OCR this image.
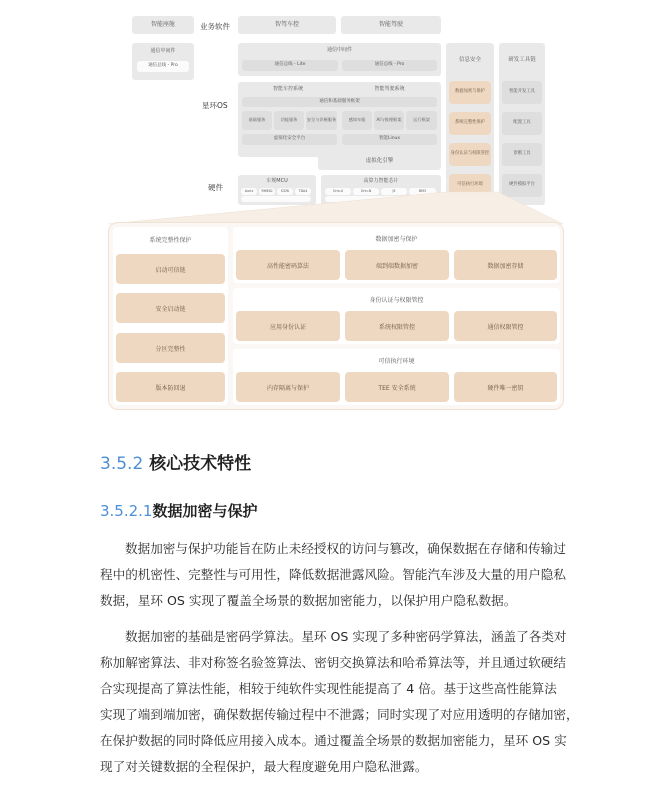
智能座舱
通信中间件
通信总线 - Pro
业务软件
星环OS
硬件
智驾车控	智能驾驶
通信中间件
通信总线 - Lite	通信总线 - Pro
智能车控系统	智能驾驶系统
通信和基础服务框架
基础服务	功能服务	安全与诊断服务	感知车服	AI与推理框架	运行框架
虚拟化安全平台	智能Linux
虚拟化引擎
车规MCU
Aurix	RH850	S32K	TDA4
高算力智能芯片
Orin-X	Orin-N	J5	BM3
信息安全
数据加密与保护
系统完整性保护
身份认证与权限管控
可信执行环境
研发工具链
智能开发工具
配置工具
诊断工具
硬件模拟平台
系统完整性保护
启动可信链
安全启动链
分区完整性
版本防回退
数据加密与保护
高性能密码算法	端到端数据加密	数据加密存储
身份认证与权限管控
应用身份认证	系统权限管控	通信权限管控
可信执行环境
内存隔离与保护	TEE 安全系统	硬件唯一密钥
3.5.2 核心技术特性
3.5.2.1数据加密与保护
数据加密与保护功能旨在防止未经授权的访问与篡改，确保数据在存储和传输过
程中的机密性、完整性与可用性，降低数据泄露风险。智能汽车涉及大量的用户隐私
数据，星环 OS 实现了覆盖全场景的数据加密能力，以保护用户隐私数据。
数据加密的基础是密码学算法。星环 OS 实现了多种密码学算法，涵盖了各类对
称加解密算法、非对称签名验签算法、密钥交换算法和哈希算法等，并且通过软硬结
合实现提高了算法性能，相较于纯软件实现性能提高了 4 倍。基于这些高性能算法
实现了端到端加密，确保数据传输过程中不泄露；同时实现了对应用透明的存储加密，
在保护数据的同时降低应用接入成本。通过覆盖全场景的数据加密能力，星环 OS 实
现了对关键数据的全程保护，最大程度避免用户隐私泄露。
